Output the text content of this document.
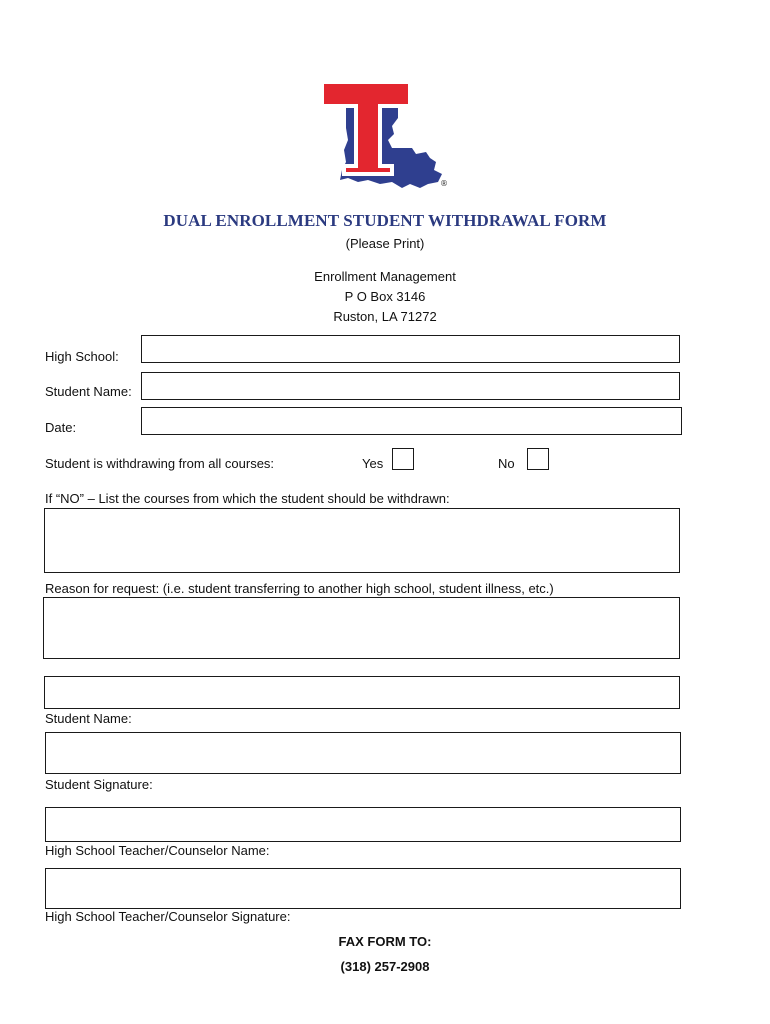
®
DUAL ENROLLMENT STUDENT WITHDRAWAL FORM
(Please Print)
Enrollment Management
P O Box 3146
Ruston, LA 71272
High School:
Student Name:
Date:
Student is withdrawing from all courses:	Yes	No
If “NO” – List the courses from which the student should be withdrawn:
Reason for request: (i.e. student transferring to another high school, student illness, etc.)
Student Name:
Student Signature:
High School Teacher/Counselor Name:
High School Teacher/Counselor Signature:
FAX FORM TO:
(318) 257-2908
